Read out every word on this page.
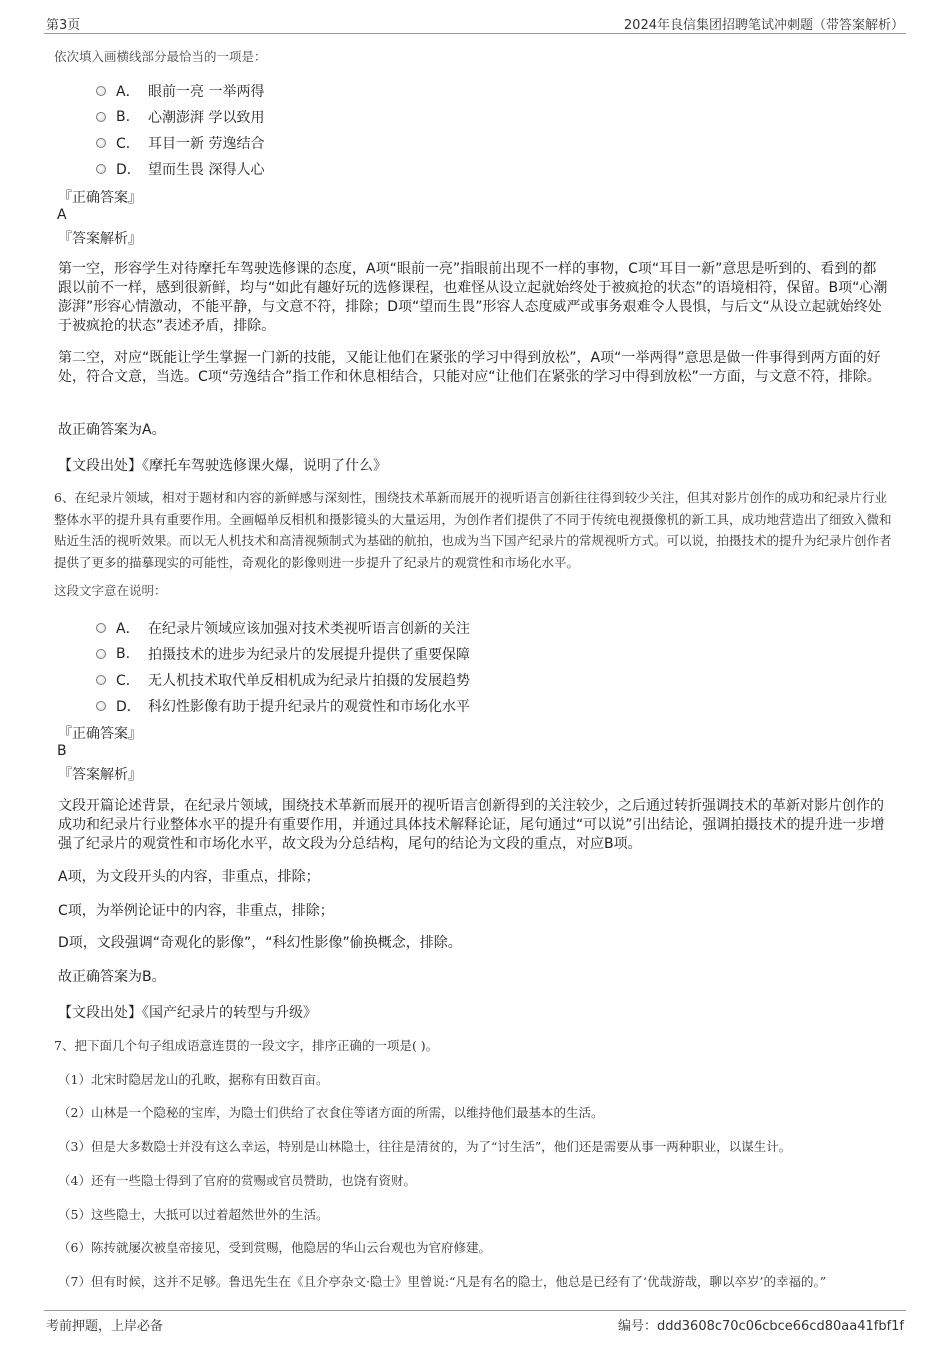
第3页	2024年良信集团招聘笔试冲刺题（带答案解析）
依次填入画横线部分最恰当的一项是：
A． 眼前一亮 一举两得
B.	心潮澎湃 学以致用
C． 耳目一新 劳逸结合
D． 望而生畏 深得人心
『正确答案』
A
『答案解析』
第一空，形容学生对待摩托车驾驶选修课的态度，A项“眼前一亮”指眼前出现不一样的事物，C项“耳目一新”意思是听到的、看到的都跟以前不一样，感到很新鲜，均与“如此有趣好玩的选修课程，也难怪从设立起就始终处于被疯抢的状态”的语境相符，保留。B项“心潮澎湃”形容心情激动，不能平静，与文意不符，排除；D项“望而生畏”形容人态度威严或事务艰难令人畏惧，与后文“从设立起就始终处于被疯抢的状态”表述矛盾，排除。
第二空，对应“既能让学生掌握一门新的技能，又能让他们在紧张的学习中得到放松”，A项“一举两得”意思是做一件事得到两方面的好处，符合文意，当选。C项“劳逸结合”指工作和休息相结合，只能对应“让他们在紧张的学习中得到放松”一方面，与文意不符，排除。
故正确答案为A。
【文段出处】《摩托车驾驶选修课火爆，说明了什么》
6、在纪录片领域，相对于题材和内容的新鲜感与深刻性，围绕技术革新而展开的视听语言创新往往得到较少关注，但其对影片创作的成功和纪录片行业整体水平的提升具有重要作用。全画幅单反相机和摄影镜头的大量运用，为创作者们提供了不同于传统电视摄像机的新工具，成功地营造出了细致入微和贴近生活的视听效果。而以无人机技术和高清视频制式为基础的航拍，也成为当下国产纪录片的常规视听方式。可以说，拍摄技术的提升为纪录片创作者提供了更多的描摹现实的可能性，奇观化的影像则进一步提升了纪录片的观赏性和市场化水平。
这段文字意在说明：
A． 在纪录片领域应该加强对技术类视听语言创新的关注
B.	拍摄技术的进步为纪录片的发展提升提供了重要保障
C． 无人机技术取代单反相机成为纪录片拍摄的发展趋势
D． 科幻性影像有助于提升纪录片的观赏性和市场化水平
『正确答案』
B
『答案解析』
文段开篇论述背景，在纪录片领域，围绕技术革新而展开的视听语言创新得到的关注较少，之后通过转折强调技术的革新对影片创作的成功和纪录片行业整体水平的提升有重要作用，并通过具体技术解释论证，尾句通过“可以说”引出结论，强调拍摄技术的提升进一步增强了纪录片的观赏性和市场化水平，故文段为分总结构，尾句的结论为文段的重点，对应B项。
A项，为文段开头的内容，非重点，排除；
C项，为举例论证中的内容，非重点，排除；
D项，文段强调“奇观化的影像”，“科幻性影像”偷换概念，排除。
故正确答案为B。
【文段出处】《国产纪录片的转型与升级》
7、把下面几个句子组成语意连贯的一段文字，排序正确的一项是( )。
（1）北宋时隐居龙山的孔畋，据称有田数百亩。
（2）山林是一个隐秘的宝库，为隐士们供给了衣食住等诸方面的所需，以维持他们最基本的生活。
（3）但是大多数隐士并没有这么幸运，特别是山林隐士，往往是清贫的，为了“讨生活”，他们还是需要从事一两种职业，以谋生计。
（4）还有一些隐士得到了官府的赏赐或官员赞助，也饶有资财。
（5）这些隐士，大抵可以过着超然世外的生活。
（6）陈抟就屡次被皇帝接见，受到赏赐，他隐居的华山云台观也为官府修建。
（7）但有时候，这并不足够。鲁迅先生在《且介亭杂文·隐士》里曾说:“凡是有名的隐士，他总是已经有了‘优哉游哉，聊以卒岁’的幸福的。”
考前押题，上岸必备	编号：ddd3608c70c06cbce66cd80aa41fbf1f
